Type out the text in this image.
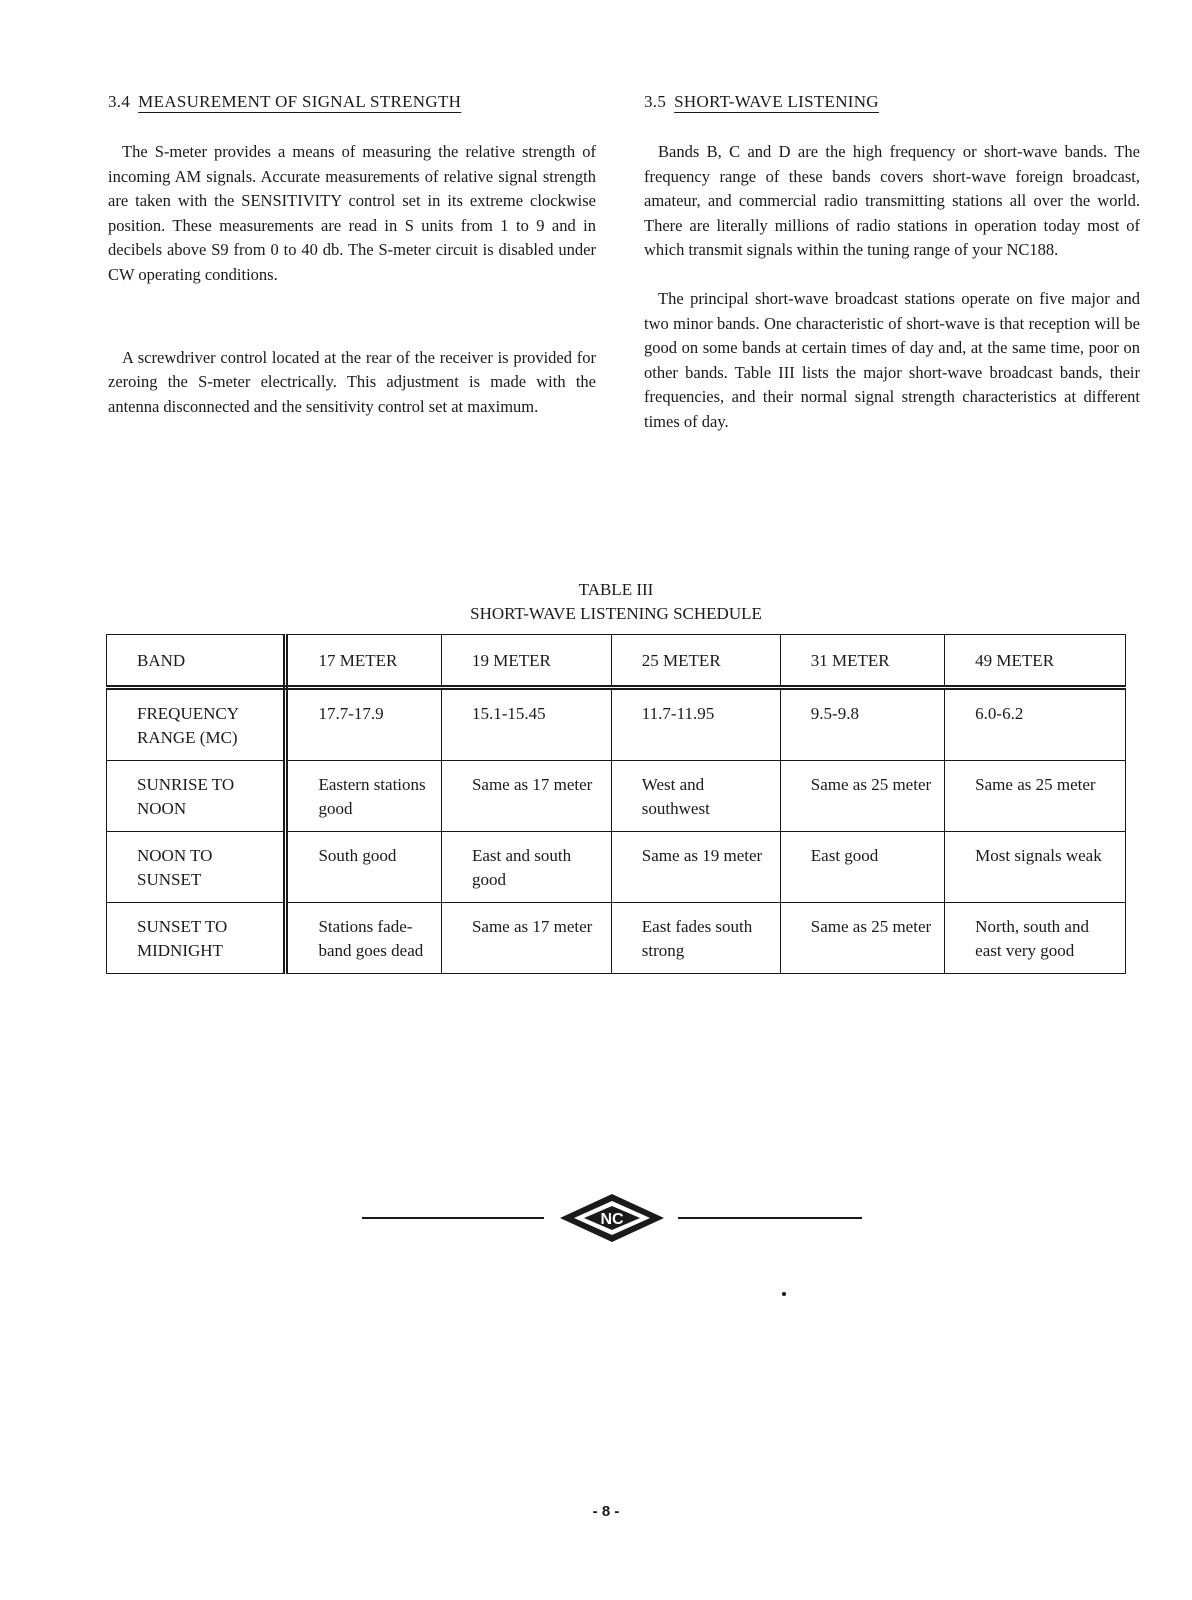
3.4 MEASUREMENT OF SIGNAL STRENGTH

The S-meter provides a means of measuring the relative strength of incoming AM signals. Accurate measurements of relative signal strength are taken with the SENSITIVITY control set in its extreme clockwise position. These measurements are read in S units from 1 to 9 and in decibels above S9 from 0 to 40 db. The S-meter circuit is disabled under CW operating conditions.

A screwdriver control located at the rear of the receiver is provided for zeroing the S-meter electrically. This adjustment is made with the antenna disconnected and the sensitivity control set at maximum.

3.5 SHORT-WAVE LISTENING

Bands B, C and D are the high frequency or short-wave bands. The frequency range of these bands covers short-wave foreign broadcast, amateur, and commercial radio transmitting stations all over the world. There are literally millions of radio stations in operation today most of which transmit signals within the tuning range of your NC188.

The principal short-wave broadcast stations operate on five major and two minor bands. One characteristic of short-wave is that reception will be good on some bands at certain times of day and, at the same time, poor on other bands. Table III lists the major short-wave broadcast bands, their frequencies, and their normal signal strength characteristics at different times of day.

TABLE III
SHORT-WAVE LISTENING SCHEDULE
BAND	17 METER	19 METER	25 METER	31 METER	49 METER
FREQUENCY RANGE (MC)	17.7-17.9	15.1-15.45	11.7-11.95	9.5-9.8	6.0-6.2
SUNRISE TO NOON	Eastern stations good	Same as 17 meter	West and southwest	Same as 25 meter	Same as 25 meter
NOON TO SUNSET	South good	East and south good	Same as 19 meter	East good	Most signals weak
SUNSET TO MIDNIGHT	Stations fade-band goes dead	Same as 17 meter	East fades south strong	Same as 25 meter	North, south and east very good
NC
- 8 -
